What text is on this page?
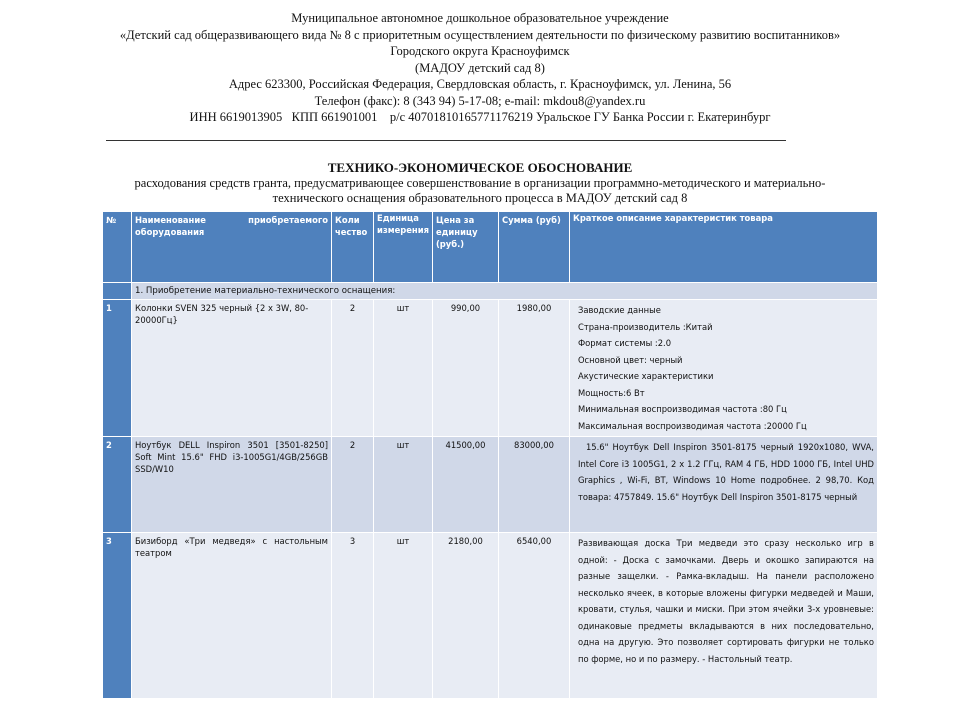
Муниципальное автономное дошкольное образовательное учреждение
«Детский сад общеразвивающего вида № 8 с приоритетным осуществлением деятельности по физическому развитию воспитанников»
Городского округа Красноуфимск
(МАДОУ детский сад 8)
Адрес 623300, Российская Федерация, Свердловская область, г. Красноуфимск, ул. Ленина, 56
Телефон (факс): 8 (343 94) 5-17-08; e-mail: mkdou8@yandex.ru
ИНН 6619013905   КПП 661901001    р/с 40701810165771176219 Уральское ГУ Банка России г. Екатеринбург
ТЕХНИКО-ЭКОНОМИЧЕСКОЕ ОБОСНОВАНИЕ
расходования средств гранта, предусматривающее совершенствование в организации программно-методического и материально-
технического оснащения образовательного процесса в МАДОУ детский сад 8
№	Наименование приобретаемого оборудования	Коли чество	Единица измерения	Цена за единицу (руб.)	Сумма (руб)	Краткое описание характеристик товара
	1. Приобретение материально-технического оснащения:					
1	Колонки SVEN 325 черный {2 x 3W, 80-20000Гц}	2	шт	990,00	1980,00	Заводские данные
Страна-производитель :Китай
Формат системы :2.0
Основной цвет: черный
Акустические характеристики
Мощность:6 Вт
Минимальная воспроизводимая частота :80 Гц
Максимальная воспроизводимая частота :20000 Гц

2	Ноутбук DELL Inspiron 3501 [3501-8250] Soft Mint 15.6" FHD i3-1005G1/4GB/256GB SSD/W10	2	шт	41500,00	83000,00	15.6" Ноутбук Dell Inspiron 3501-8175 черный 1920x1080, WVA, Intel Core i3 1005G1, 2 x 1.2 ГГц, RAM 4 ГБ, HDD 1000 ГБ, Intel UHD Graphics , Wi-Fi, BT, Windows 10 Home подробнее. 2 98,70. Код товара: 4757849. 15.6" Ноутбук Dell Inspiron 3501-8175 черный

3	Бизиборд «Три медведя» с настольным театром	3	шт	2180,00	6540,00	Развивающая доска Три медведи это сразу несколько игр в одной: - Доска с замочками. Дверь и окошко запираются на разные защелки. - Рамка-вкладыш. На панели расположено несколько ячеек, в которые вложены фигурки медведей и Маши, кровати, стулья, чашки и миски. При этом ячейки 3-х уровневые: одинаковые предметы вкладываются в них последовательно, одна на другую. Это позволяет сортировать фигурки не только по форме, но и по размеру. - Настольный театр.
